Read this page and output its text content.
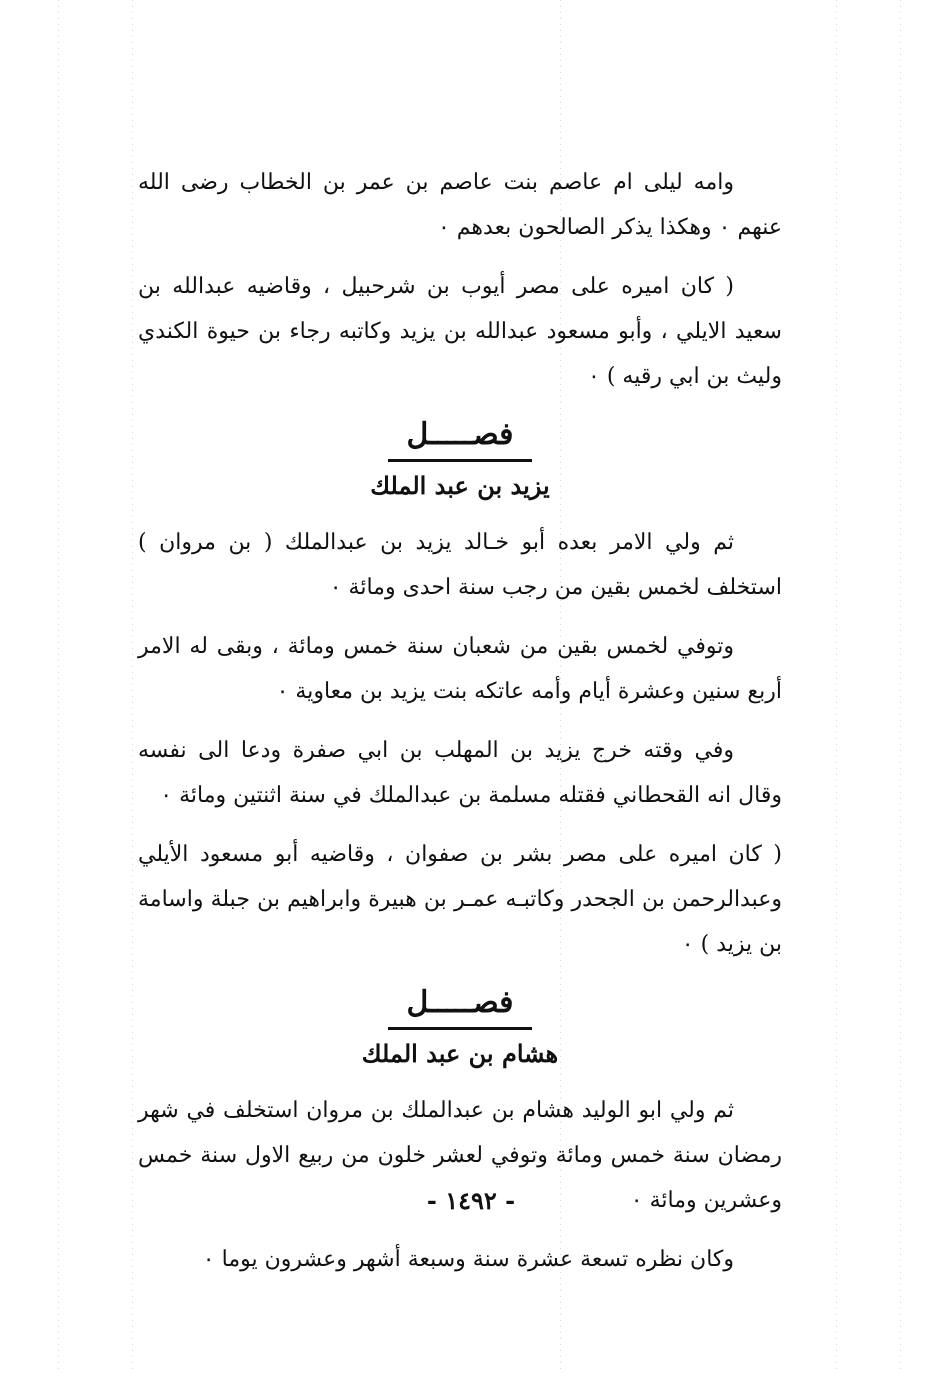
وامه ليلى ام عاصم بنت عاصم بن عمر بن الخطاب رضى الله عنهم ٠ وهكذا يذكر الصالحون بعدهم ٠

( كان اميره على مصر أيوب بن شرحبيل ، وقاضيه عبدالله بن سعيد الايلي ، وأبو مسعود عبدالله بن يزيد وكاتبه رجاء بن حيوة الكندي وليث بن ابي رقيه ) ٠

فصـــــل
يزيد بن عبد الملك

ثم ولي الامر بعده أبو خـالد يزيد بن عبدالملك ( بن مروان ) استخلف لخمس بقين من رجب سنة احدى ومائة ٠

وتوفي لخمس بقين من شعبان سنة خمس ومائة ، وبقى له الامر أربع سنين وعشرة أيام وأمه عاتكه بنت يزيد بن معاوية ٠

وفي وقته خرج يزيد بن المهلب بن ابي صفرة ودعا الى نفسه وقال انه القحطاني فقتله مسلمة بن عبدالملك في سنة اثنتين ومائة ٠

( كان اميره على مصر بشر بن صفوان ، وقاضيه أبو مسعود الأيلي وعبدالرحمن بن الجحدر وكاتبـه عمـر بن هبيرة وابراهيم بن جبلة واسامة بن يزيد ) ٠

فصـــــل
هشام بن عبد الملك

ثم ولي ابو الوليد هشام بن عبدالملك بن مروان استخلف في شهر رمضان سنة خمس ومائة وتوفي لعشر خلون من ربيع الاول سنة خمس وعشرين ومائة ٠

وكان نظره تسعة عشرة سنة وسبعة أشهر وعشرون يوما ٠

- ١٤٩٢ -
